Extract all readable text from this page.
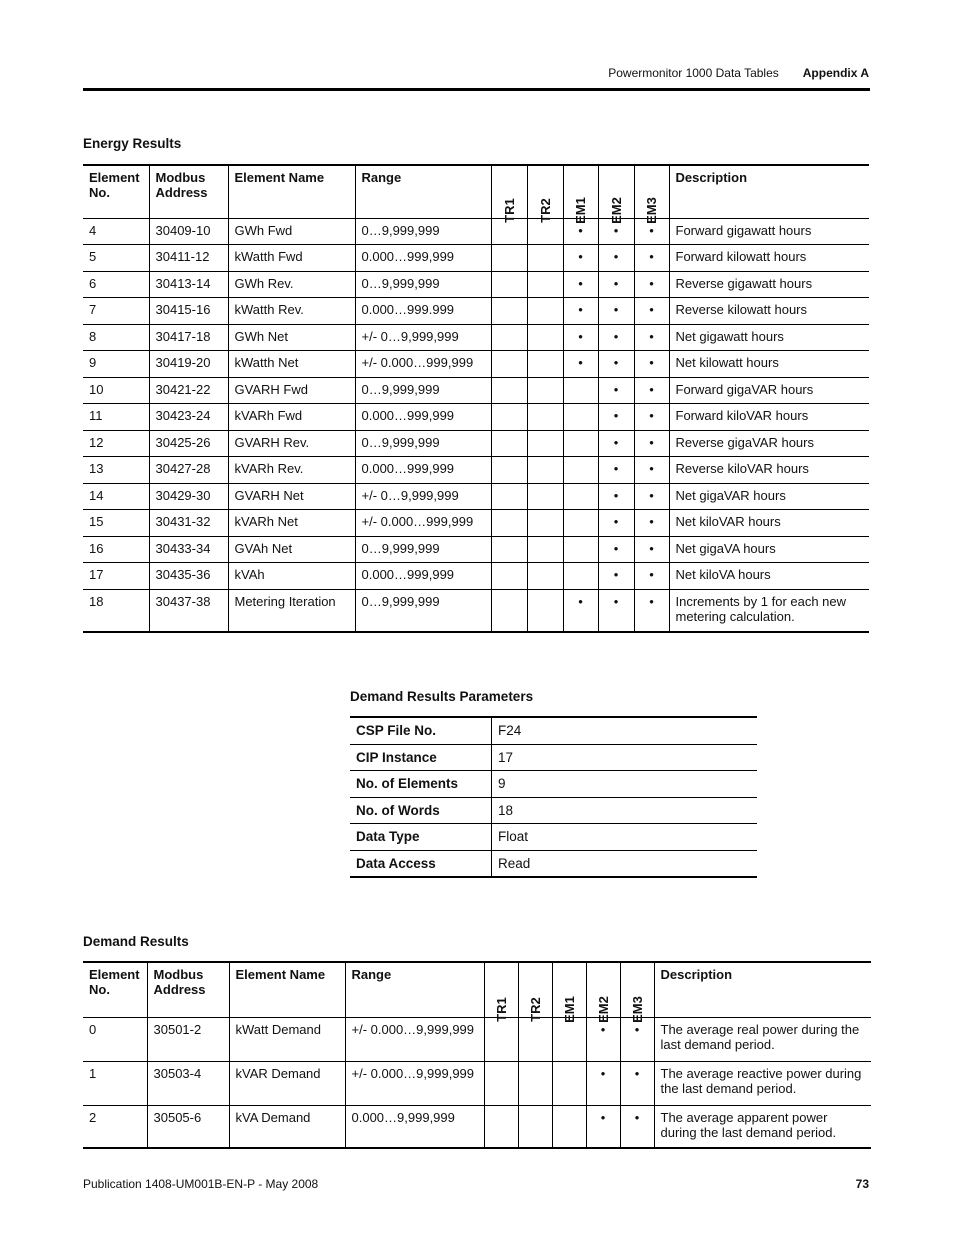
Powermonitor 1000 Data Tables Appendix A
Energy Results
Element No.	Modbus Address	Element Name	Range	TR1	TR2	EM1	EM2	EM3	Description
4	30409-10	GWh Fwd	0…9,999,999			•	•	•	Forward gigawatt hours
5	30411-12	kWatth Fwd	0.000…999,999			•	•	•	Forward kilowatt hours
6	30413-14	GWh Rev.	0…9,999,999			•	•	•	Reverse gigawatt hours
7	30415-16	kWatth Rev.	0.000…999.999			•	•	•	Reverse kilowatt hours
8	30417-18	GWh Net	+/- 0…9,999,999			•	•	•	Net gigawatt hours
9	30419-20	kWatth Net	+/- 0.000…999,999			•	•	•	Net kilowatt hours
10	30421-22	GVARH Fwd	0…9,999,999				•	•	Forward gigaVAR hours
11	30423-24	kVARh Fwd	0.000…999,999				•	•	Forward kiloVAR hours
12	30425-26	GVARH Rev.	0…9,999,999				•	•	Reverse gigaVAR hours
13	30427-28	kVARh Rev.	0.000…999,999				•	•	Reverse kiloVAR hours
14	30429-30	GVARH Net	+/- 0…9,999,999				•	•	Net gigaVAR hours
15	30431-32	kVARh Net	+/- 0.000…999,999				•	•	Net kiloVAR hours
16	30433-34	GVAh Net	0…9,999,999				•	•	Net gigaVA hours
17	30435-36	kVAh	0.000…999,999				•	•	Net kiloVA hours
18	30437-38	Metering Iteration	0…9,999,999			•	•	•	Increments by 1 for each new metering calculation.
Demand Results Parameters
CSP File No.	F24
CIP Instance	17
No. of Elements	9
No. of Words	18
Data Type	Float
Data Access	Read
Demand Results
Element No.	Modbus Address	Element Name	Range	TR1	TR2	EM1	EM2	EM3	Description
0	30501-2	kWatt Demand	+/- 0.000…9,999,999				•	•	The average real power during the last demand period.
1	30503-4	kVAR Demand	+/- 0.000…9,999,999				•	•	The average reactive power during the last demand period.
2	30505-6	kVA Demand	0.000…9,999,999				•	•	The average apparent power during the last demand period.
Publication 1408-UM001B-EN-P - May 2008	73
